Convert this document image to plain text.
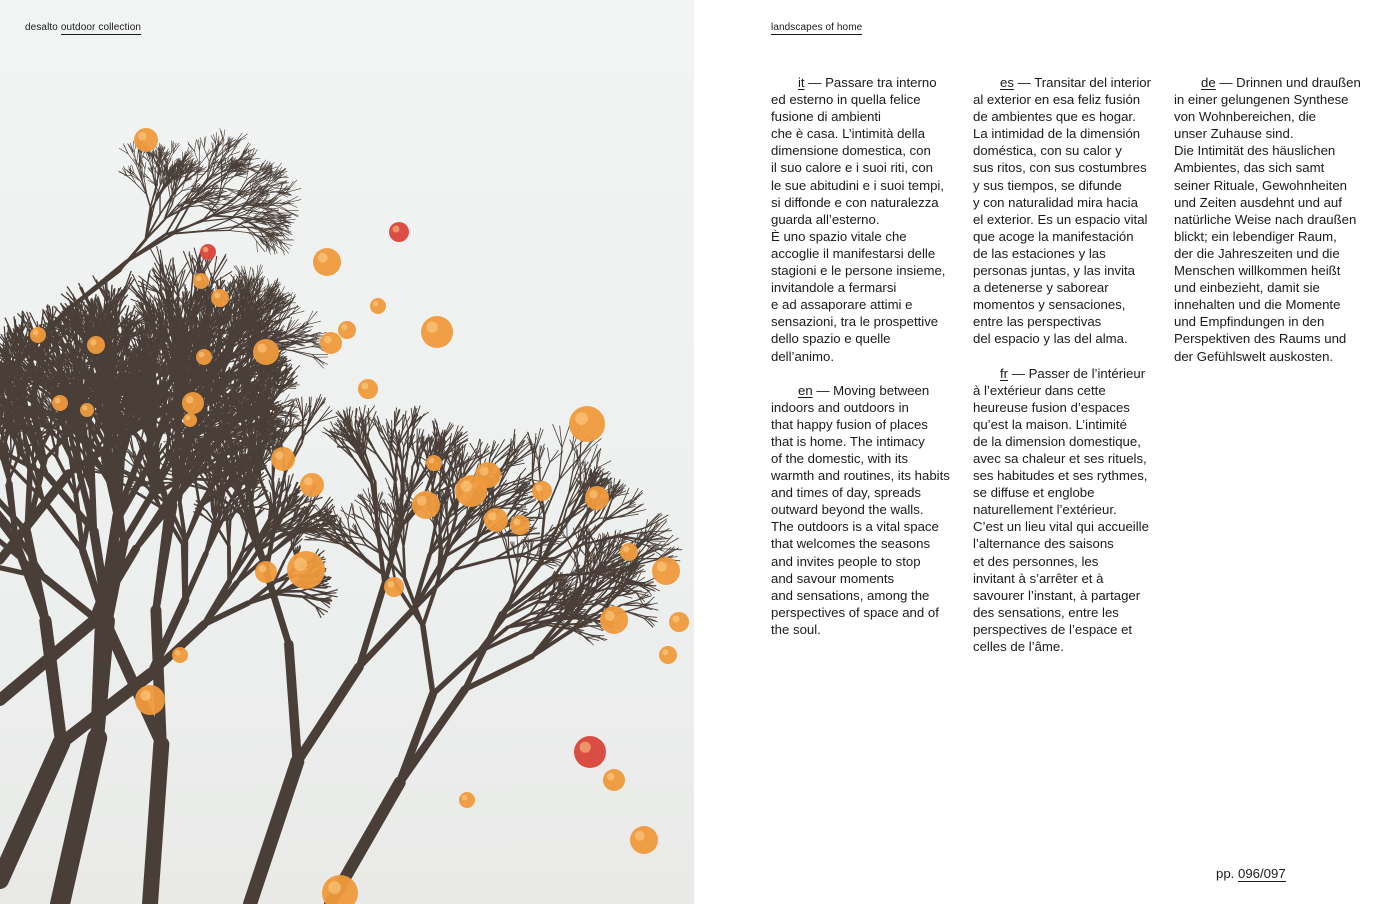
desalto outdoor collection	landscapes of home

it — Passare tra interno
ed esterno in quella felice
fusione di ambienti
che è casa. L’intimità della
dimensione domestica, con
il suo calore e i suoi riti, con
le sue abitudini e i suoi tempi,
si diffonde e con naturalezza
guarda all’esterno.
È uno spazio vitale che
accoglie il manifestarsi delle
stagioni e le persone insieme,
invitandole a fermarsi
e ad assaporare attimi e
sensazioni, tra le prospettive
dello spazio e quelle
dell’animo.

en — Moving between
indoors and outdoors in
that happy fusion of places
that is home. The intimacy
of the domestic, with its
warmth and routines, its habits
and times of day, spreads
outward beyond the walls.
The outdoors is a vital space
that welcomes the seasons
and invites people to stop
and savour moments
and sensations, among the
perspectives of space and of
the soul.

es — Transitar del interior
al exterior en esa feliz fusión
de ambientes que es hogar.
La intimidad de la dimensión
doméstica, con su calor y
sus ritos, con sus costumbres
y sus tiempos, se difunde
y con naturalidad mira hacia
el exterior. Es un espacio vital
que acoge la manifestación
de las estaciones y las
personas juntas, y las invita
a detenerse y saborear
momentos y sensaciones,
entre las perspectivas
del espacio y las del alma.

fr — Passer de l’intérieur
à l’extérieur dans cette
heureuse fusion d’espaces
qu’est la maison. L’intimité
de la dimension domestique,
avec sa chaleur et ses rituels,
ses habitudes et ses rythmes,
se diffuse et englobe
naturellement l’extérieur.
C’est un lieu vital qui accueille
l’alternance des saisons
et des personnes, les
invitant à s’arrêter et à
savourer l’instant, à partager
des sensations, entre les
perspectives de l’espace et
celles de l’âme.

de — Drinnen und draußen
in einer gelungenen Synthese
von Wohnbereichen, die
unser Zuhause sind.
Die Intimität des häuslichen
Ambientes, das sich samt
seiner Rituale, Gewohnheiten
und Zeiten ausdehnt und auf
natürliche Weise nach draußen
blickt; ein lebendiger Raum,
der die Jahreszeiten und die
Menschen willkommen heißt
und einbezieht, damit sie
innehalten und die Momente
und Empfindungen in den
Perspektiven des Raums und
der Gefühlswelt auskosten.

pp. 096/097
